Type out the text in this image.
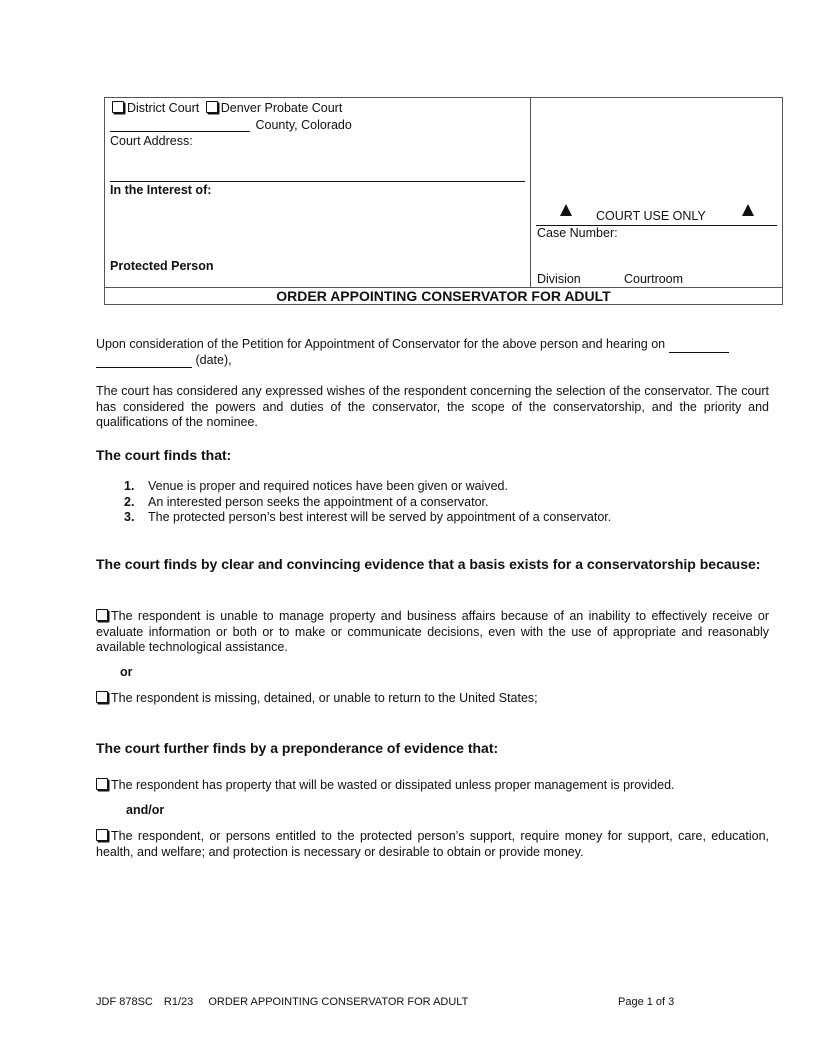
District Court Denver Probate Court
County, Colorado
Court Address:
In the Interest of:
Protected Person
COURT USE ONLY
Case Number:
Division	Courtroom
ORDER APPOINTING CONSERVATOR FOR ADULT
Upon consideration of the Petition for Appointment of Conservator for the above person and hearing on
(date),
The court has considered any expressed wishes of the respondent concerning the selection of the conservator. The court has considered the powers and duties of the conservator, the scope of the conservatorship, and the priority and qualifications of the nominee.
The court finds that:
1. Venue is proper and required notices have been given or waived.
2. An interested person seeks the appointment of a conservator.
3. The protected person’s best interest will be served by appointment of a conservator.
The court finds by clear and convincing evidence that a basis exists for a conservatorship because:
The respondent is unable to manage property and business affairs because of an inability to effectively receive or evaluate information or both or to make or communicate decisions, even with the use of appropriate and reasonably available technological assistance.
or
The respondent is missing, detained, or unable to return to the United States;
The court further finds by a preponderance of evidence that:
The respondent has property that will be wasted or dissipated unless proper management is provided.
and/or
The respondent, or persons entitled to the protected person’s support, require money for support, care, education, health, and welfare; and protection is necessary or desirable to obtain or provide money.
JDF 878SC R1/23 ORDER APPOINTING CONSERVATOR FOR ADULT	Page 1 of 3
